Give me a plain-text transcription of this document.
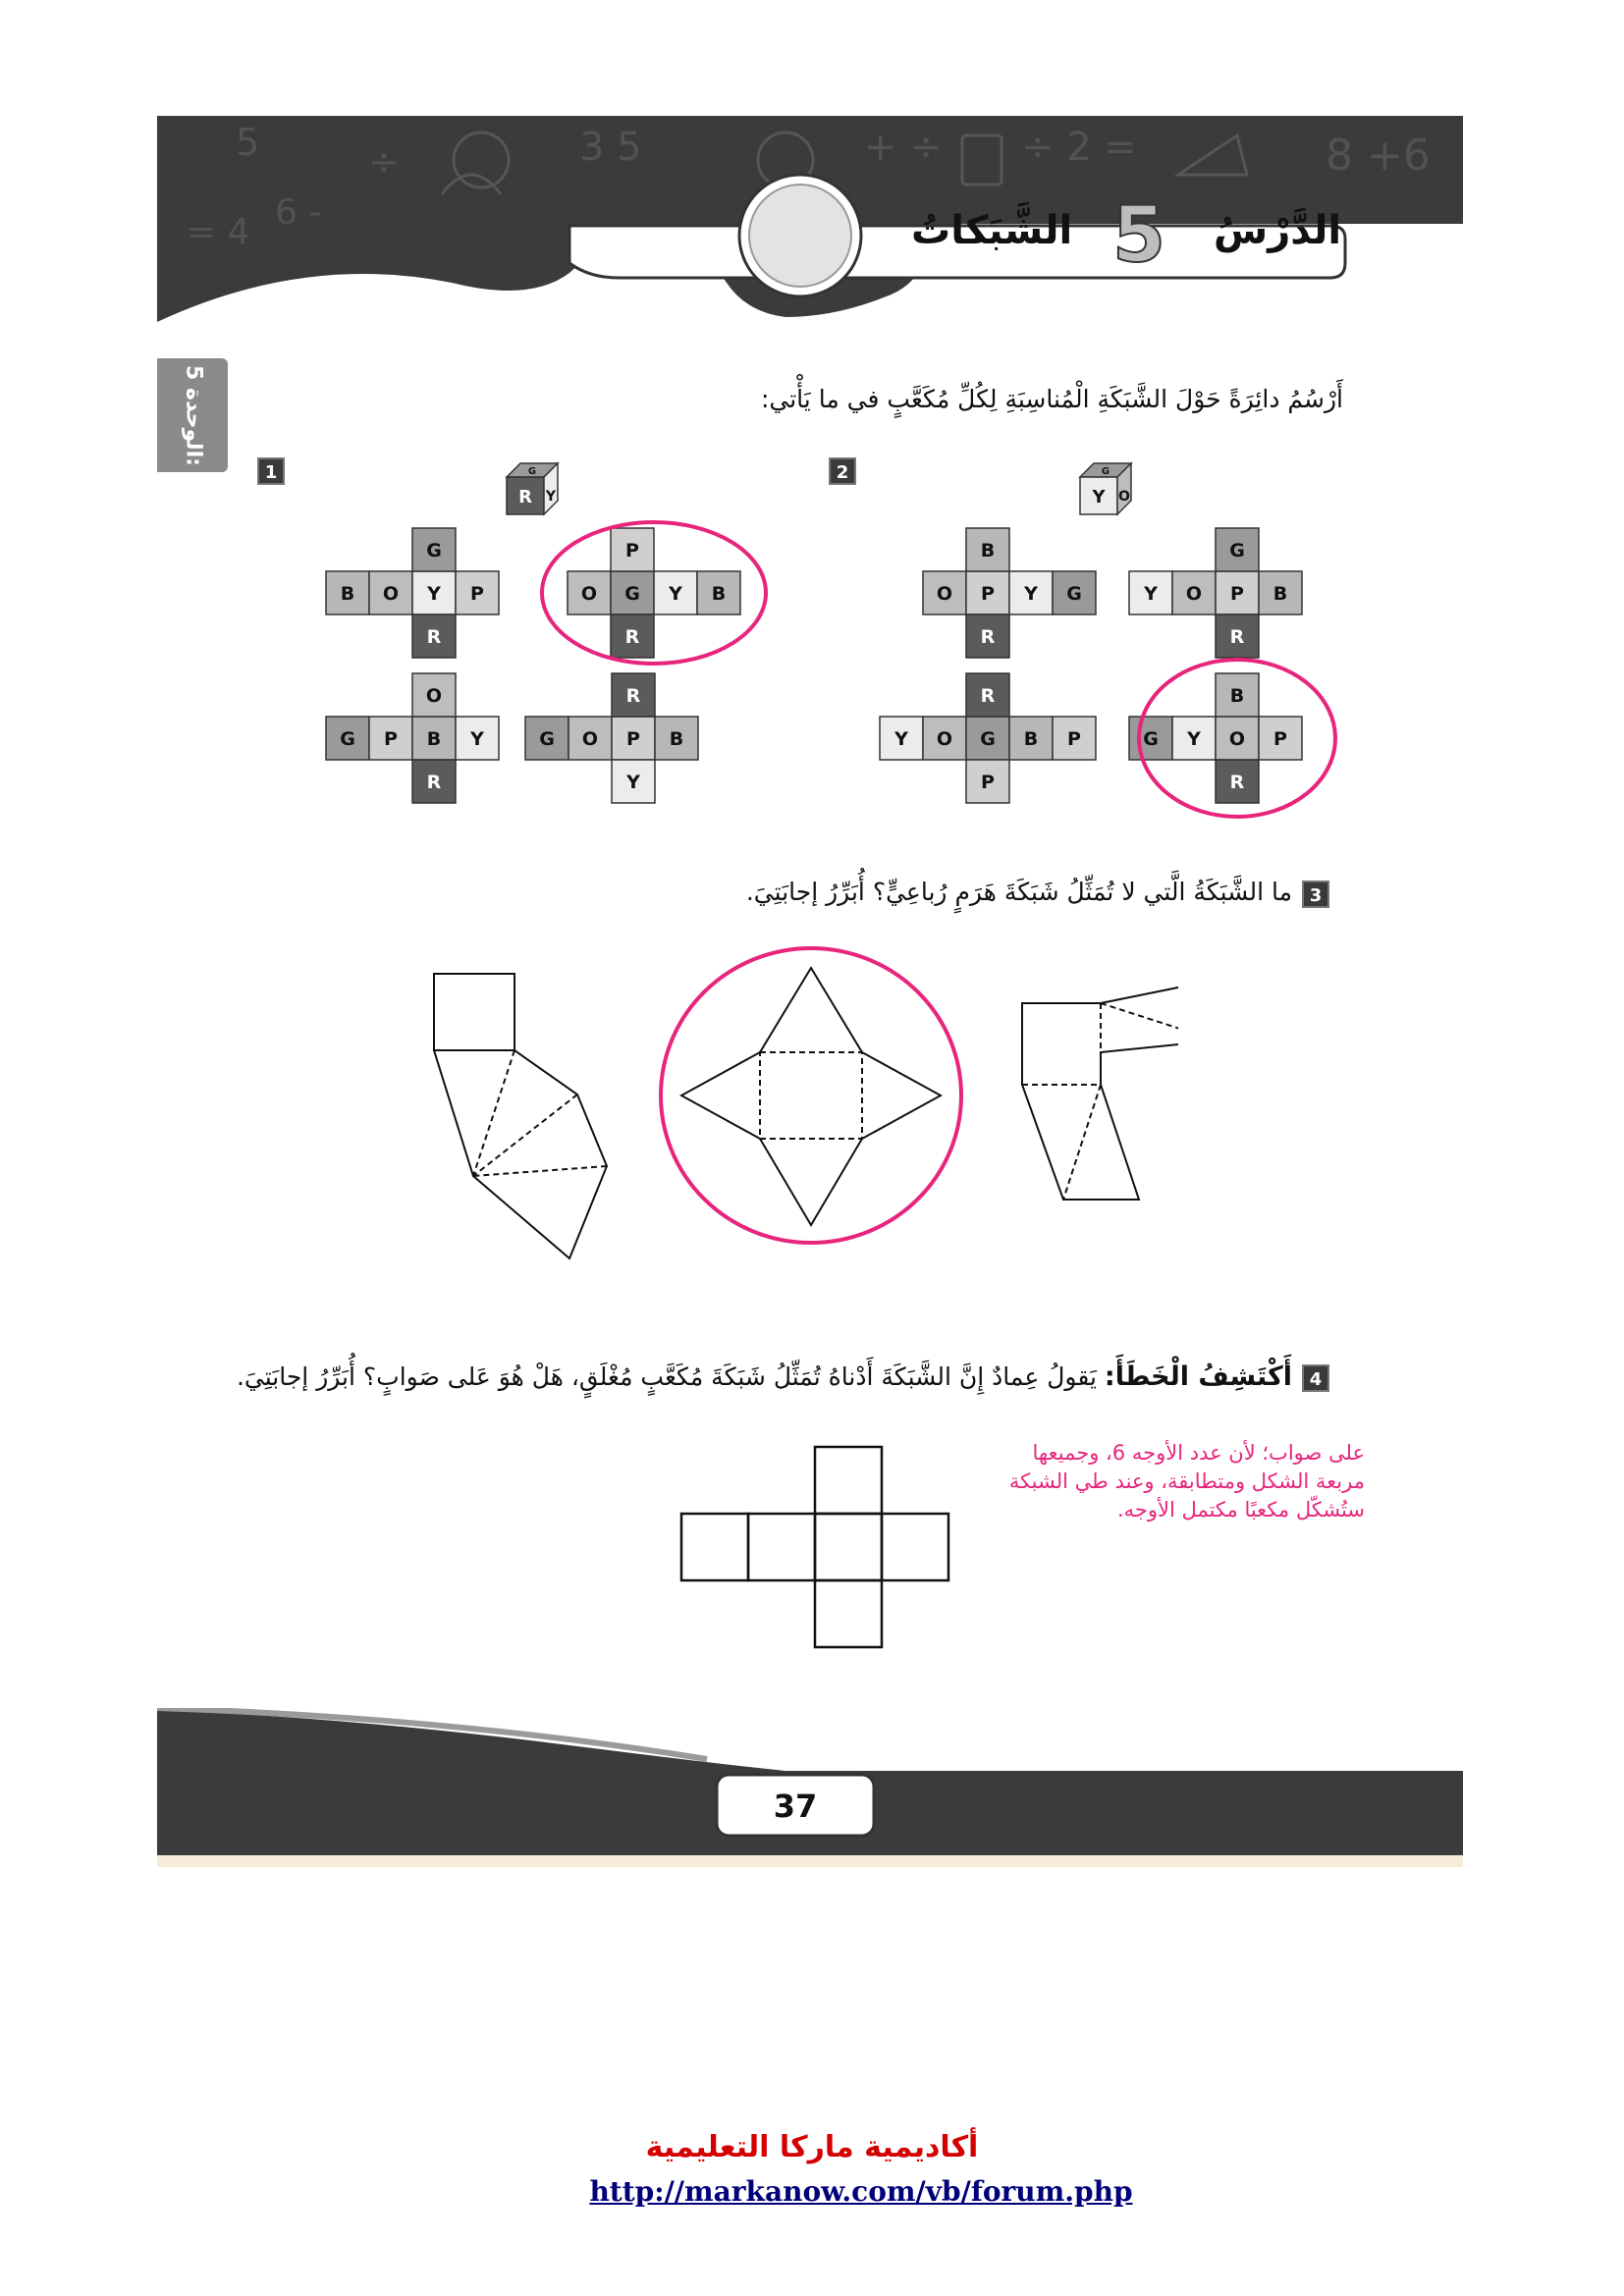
5	÷	3 5	+ ÷ ÷ 2 =	8 +6
= 4 6 -	الدَّرْسُ
5
الشَّبَكاتُ
الوحدة 5:
أَرْسُمُ دائِرَةً حَوْلَ الشَّبَكَةِ الْمُناسِبَةِ لِكُلِّ مُكَعَّبٍ في ما يَأْتي:
1	2
R Y
G
Y O
G
B O Y P
G
R
O G Y B
P
R
G P B Y
O
R
G O P B
R
Y
O P Y G
B
R
Y O P B
G
R
Y O G B P
R
P
G Y O P
B
R
3
ما الشَّبَكَةُ الَّتي لا تُمَثِّلُ شَبَكَةَ هَرَمٍ رُباعِيٍّ؟ أُبَرِّرُ إجابَتِيَ.
4
أَكْتَشِفُ الْخَطَأَ: يَقولُ عِمادٌ إِنَّ الشَّبَكَةَ أَدْناهُ تُمَثِّلُ شَبَكَةَ مُكَعَّبٍ مُغْلَقٍ، هَلْ هُوَ عَلى صَوابٍ؟ أُبَرِّرُ إجابَتِيَ.
على صواب؛ لأن عدد الأوجه 6، وجميعها
مربعة الشكل ومتطابقة، وعند طي الشبكة
ستُشكّل مكعبًا مكتمل الأوجه.
37
أكاديمية ماركا التعليمية
http://markanow.com/vb/forum.php
